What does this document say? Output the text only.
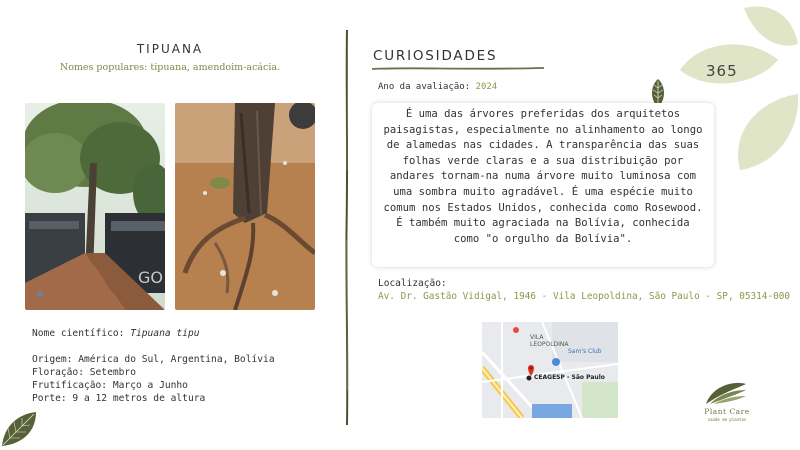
TIPUANA
Nomes populares: tipuana, amendoim-acácia.
GO
Nome científico: Tipuana tipu
Origem: América do Sul, Argentina, Bolívia
Floração: Setembro
Frutificação: Março a Junho
Porte: 9 a 12 metros de altura
CURIOSIDADES
Ano da avaliação: 2024

É uma das árvores preferidas dos arquitetos paisagistas, especialmente no alinhamento ao longo de alamedas nas cidades. A transparência das suas folhas verde claras e a sua distribuição por andares tornam-na numa árvore muito luminosa com uma sombra muito agradável. É uma espécie muito comum nos Estados Unidos, conhecida como Rosewood. É também muito agraciada na Bolívia, conhecida como "o orgulho da Bolívia".

Localização:
Av. Dr. Gastão Vidigal, 1946 - Vila Leopoldina, São Paulo - SP, 05314-000
VILA
LEOPOLDINA
Sam's Club
CEAGESP - São Paulo
365
Plant Care
saúde em plantas
